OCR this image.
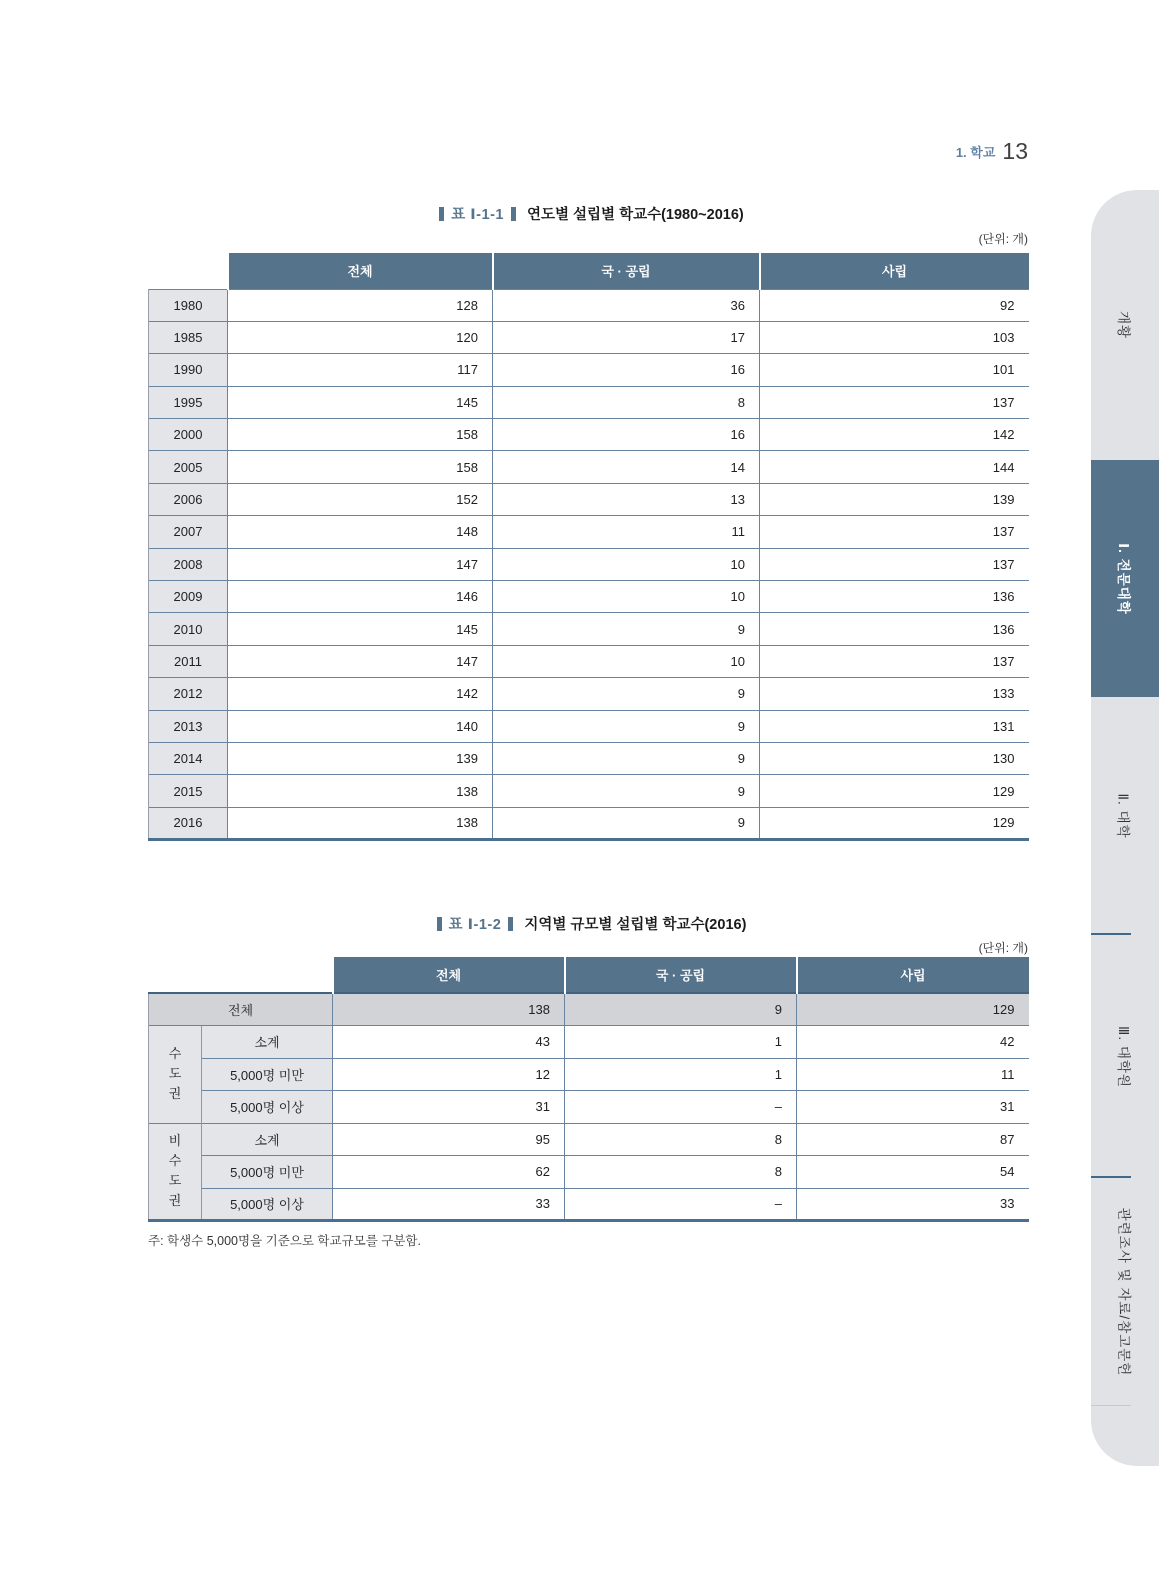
1. 학교 13
표 Ⅰ-1-1 연도별 설립별 학교수(1980~2016)
(단위: 개)
	전체	국 · 공립	사립
1980	128	36	92
1985	120	17	103
1990	117	16	101
1995	145	8	137
2000	158	16	142
2005	158	14	144
2006	152	13	139
2007	148	11	137
2008	147	10	137
2009	146	10	136
2010	145	9	136
2011	147	10	137
2012	142	9	133
2013	140	9	131
2014	139	9	130
2015	138	9	129
2016	138	9	129
표 Ⅰ-1-2 지역별 규모별 설립별 학교수(2016)
(단위: 개)
		전체	국 · 공립	사립
전체		138	9	129
수
도
권	소계	43	1	42
	5,000명 미만	12	1	11
	5,000명 이상	31	–	31
비
수
도
권	소계	95	8	87
	5,000명 미만	62	8	54
	5,000명 이상	33	–	33
주: 학생수 5,000명을 기준으로 학교규모를 구분함.
개황
Ⅰ. 전문대학
Ⅱ. 대학
Ⅲ. 대학원
관련조사 및 자료/참고문헌
